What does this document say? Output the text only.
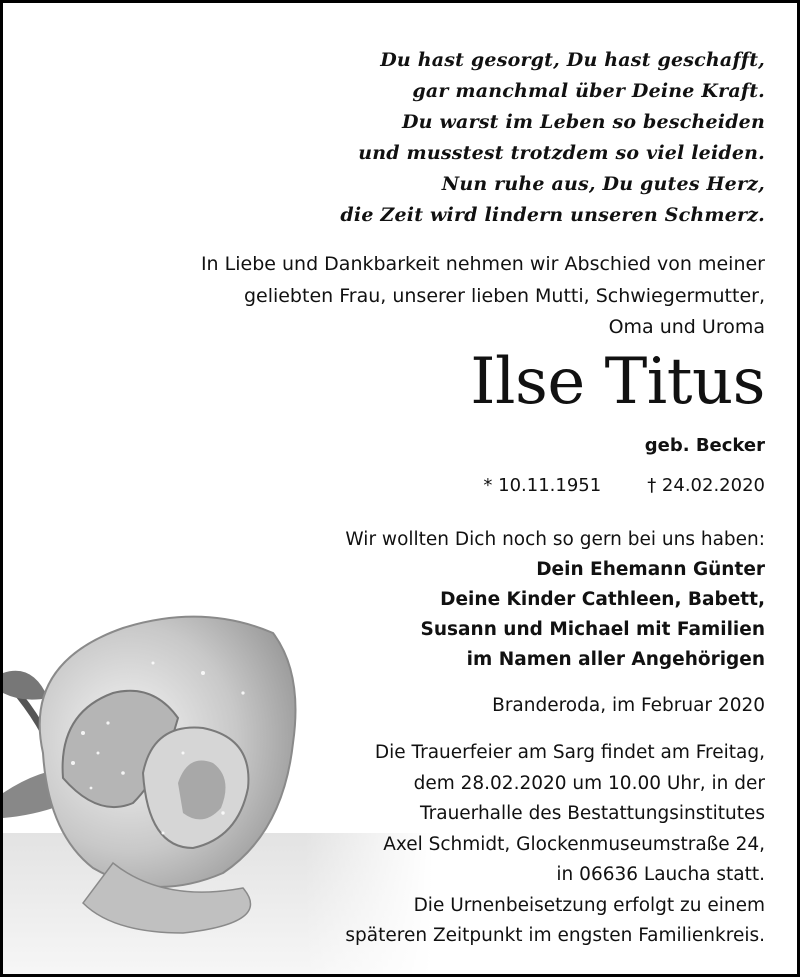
Du hast gesorgt, Du hast geschafft,
gar manchmal über Deine Kraft.
Du warst im Leben so bescheiden
und musstest trotzdem so viel leiden.
Nun ruhe aus, Du gutes Herz,
die Zeit wird lindern unseren Schmerz.
In Liebe und Dankbarkeit nehmen wir Abschied von meiner
geliebten Frau, unserer lieben Mutti, Schwiegermutter,
Oma und Uroma
Ilse Titus
geb. Becker
* 10.11.1951	† 24.02.2020
Wir wollten Dich noch so gern bei uns haben:
Dein Ehemann Günter
Deine Kinder Cathleen, Babett,
Susann und Michael mit Familien
im Namen aller Angehörigen
Branderoda, im Februar 2020
Die Trauerfeier am Sarg findet am Freitag,
dem 28.02.2020 um 10.00 Uhr, in der
Trauerhalle des Bestattungsinstitutes
Axel Schmidt, Glockenmuseumstraße 24,
in 06636 Laucha statt.
Die Urnenbeisetzung erfolgt zu einem
späteren Zeitpunkt im engsten Familienkreis.
